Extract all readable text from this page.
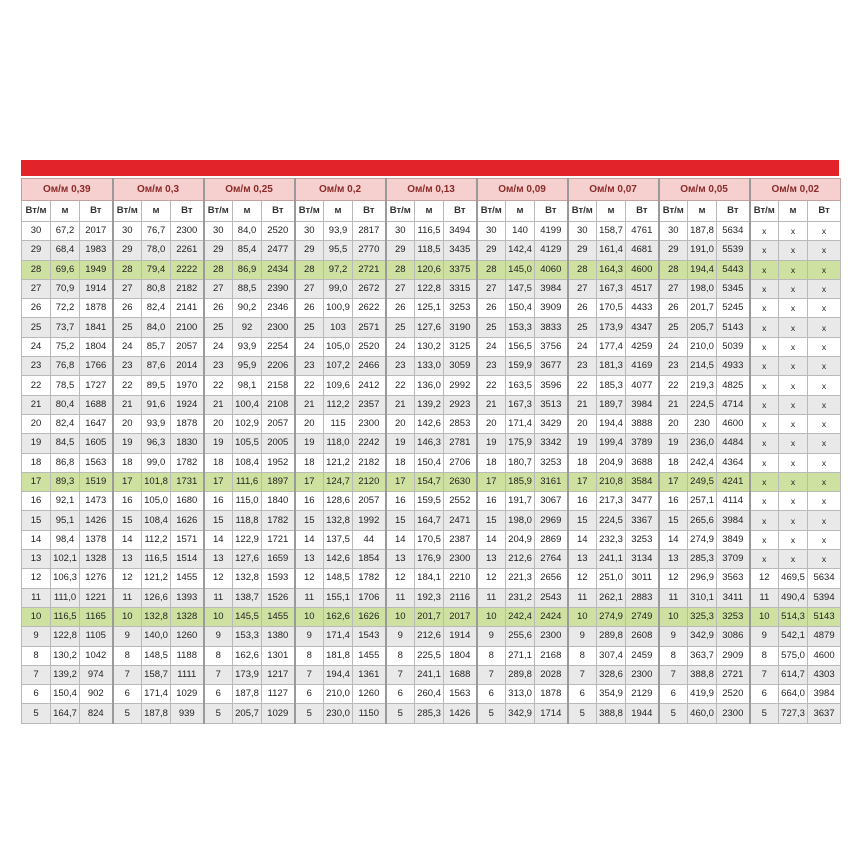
Ом/м 0,39			Ом/м 0,3			Ом/м 0,25			Ом/м 0,2			Ом/м 0,13			Ом/м 0,09			Ом/м 0,07			Ом/м 0,05			Ом/м 0,02		
Вт/м	м	Вт	Вт/м	м	Вт	Вт/м	м	Вт	Вт/м	м	Вт	Вт/м	м	Вт	Вт/м	м	Вт	Вт/м	м	Вт	Вт/м	м	Вт	Вт/м	м	Вт
30	67,2	2017	30	76,7	2300	30	84,0	2520	30	93,9	2817	30	116,5	3494	30	140	4199	30	158,7	4761	30	187,8	5634	x	x	x
29	68,4	1983	29	78,0	2261	29	85,4	2477	29	95,5	2770	29	118,5	3435	29	142,4	4129	29	161,4	4681	29	191,0	5539	x	x	x
28	69,6	1949	28	79,4	2222	28	86,9	2434	28	97,2	2721	28	120,6	3375	28	145,0	4060	28	164,3	4600	28	194,4	5443	x	x	x
27	70,9	1914	27	80,8	2182	27	88,5	2390	27	99,0	2672	27	122,8	3315	27	147,5	3984	27	167,3	4517	27	198,0	5345	x	x	x
26	72,2	1878	26	82,4	2141	26	90,2	2346	26	100,9	2622	26	125,1	3253	26	150,4	3909	26	170,5	4433	26	201,7	5245	x	x	x
25	73,7	1841	25	84,0	2100	25	92	2300	25	103	2571	25	127,6	3190	25	153,3	3833	25	173,9	4347	25	205,7	5143	x	x	x
24	75,2	1804	24	85,7	2057	24	93,9	2254	24	105,0	2520	24	130,2	3125	24	156,5	3756	24	177,4	4259	24	210,0	5039	x	x	x
23	76,8	1766	23	87,6	2014	23	95,9	2206	23	107,2	2466	23	133,0	3059	23	159,9	3677	23	181,3	4169	23	214,5	4933	x	x	x
22	78,5	1727	22	89,5	1970	22	98,1	2158	22	109,6	2412	22	136,0	2992	22	163,5	3596	22	185,3	4077	22	219,3	4825	x	x	x
21	80,4	1688	21	91,6	1924	21	100,4	2108	21	112,2	2357	21	139,2	2923	21	167,3	3513	21	189,7	3984	21	224,5	4714	x	x	x
20	82,4	1647	20	93,9	1878	20	102,9	2057	20	115	2300	20	142,6	2853	20	171,4	3429	20	194,4	3888	20	230	4600	x	x	x
19	84,5	1605	19	96,3	1830	19	105,5	2005	19	118,0	2242	19	146,3	2781	19	175,9	3342	19	199,4	3789	19	236,0	4484	x	x	x
18	86,8	1563	18	99,0	1782	18	108,4	1952	18	121,2	2182	18	150,4	2706	18	180,7	3253	18	204,9	3688	18	242,4	4364	x	x	x
17	89,3	1519	17	101,8	1731	17	111,6	1897	17	124,7	2120	17	154,7	2630	17	185,9	3161	17	210,8	3584	17	249,5	4241	x	x	x
16	92,1	1473	16	105,0	1680	16	115,0	1840	16	128,6	2057	16	159,5	2552	16	191,7	3067	16	217,3	3477	16	257,1	4114	x	x	x
15	95,1	1426	15	108,4	1626	15	118,8	1782	15	132,8	1992	15	164,7	2471	15	198,0	2969	15	224,5	3367	15	265,6	3984	x	x	x
14	98,4	1378	14	112,2	1571	14	122,9	1721	14	137,5	44	14	170,5	2387	14	204,9	2869	14	232,3	3253	14	274,9	3849	x	x	x
13	102,1	1328	13	116,5	1514	13	127,6	1659	13	142,6	1854	13	176,9	2300	13	212,6	2764	13	241,1	3134	13	285,3	3709	x	x	x
12	106,3	1276	12	121,2	1455	12	132,8	1593	12	148,5	1782	12	184,1	2210	12	221,3	2656	12	251,0	3011	12	296,9	3563	12	469,5	5634
11	111,0	1221	11	126,6	1393	11	138,7	1526	11	155,1	1706	11	192,3	2116	11	231,2	2543	11	262,1	2883	11	310,1	3411	11	490,4	5394
10	116,5	1165	10	132,8	1328	10	145,5	1455	10	162,6	1626	10	201,7	2017	10	242,4	2424	10	274,9	2749	10	325,3	3253	10	514,3	5143
9	122,8	1105	9	140,0	1260	9	153,3	1380	9	171,4	1543	9	212,6	1914	9	255,6	2300	9	289,8	2608	9	342,9	3086	9	542,1	4879
8	130,2	1042	8	148,5	1188	8	162,6	1301	8	181,8	1455	8	225,5	1804	8	271,1	2168	8	307,4	2459	8	363,7	2909	8	575,0	4600
7	139,2	974	7	158,7	1111	7	173,9	1217	7	194,4	1361	7	241,1	1688	7	289,8	2028	7	328,6	2300	7	388,8	2721	7	614,7	4303
6	150,4	902	6	171,4	1029	6	187,8	1127	6	210,0	1260	6	260,4	1563	6	313,0	1878	6	354,9	2129	6	419,9	2520	6	664,0	3984
5	164,7	824	5	187,8	939	5	205,7	1029	5	230,0	1150	5	285,3	1426	5	342,9	1714	5	388,8	1944	5	460,0	2300	5	727,3	3637
